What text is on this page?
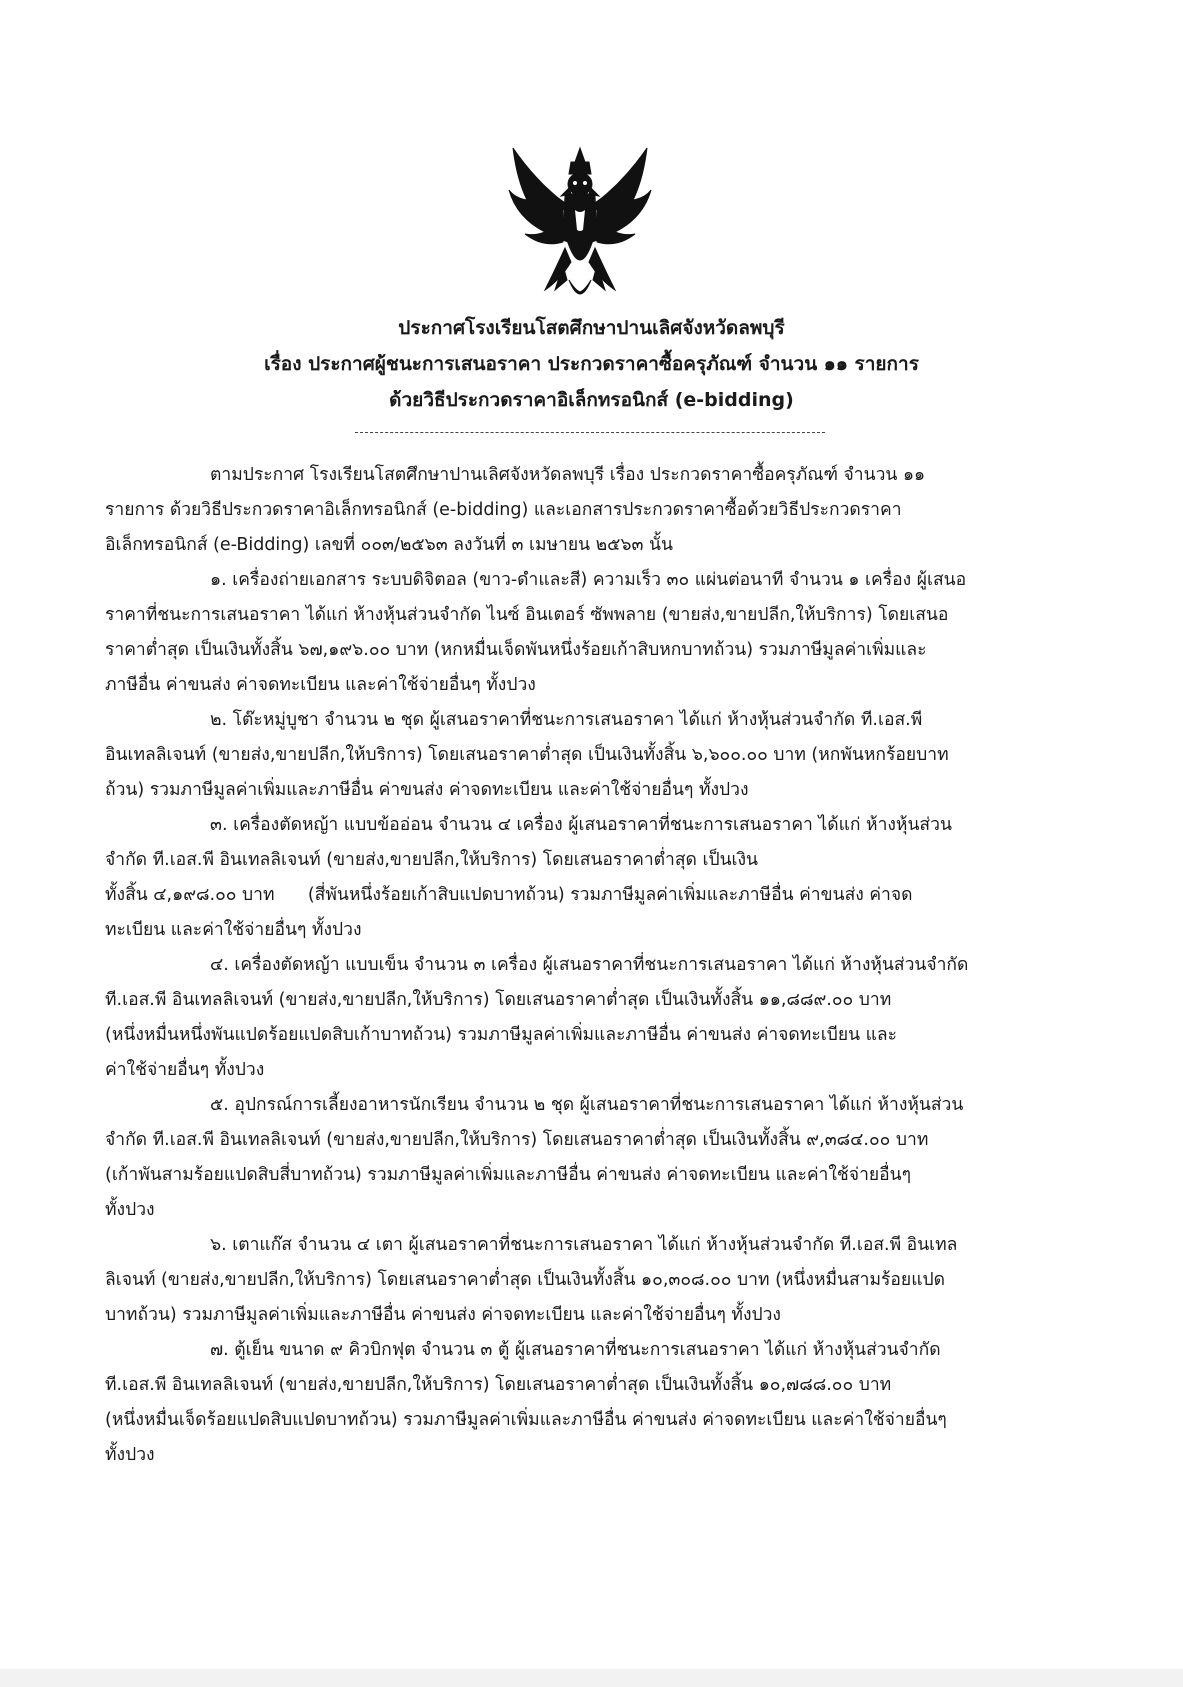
ประกาศโรงเรียนโสตศึกษาปานเลิศจังหวัดลพบุรี
เรื่อง ประกาศผู้ชนะการเสนอราคา ประกวดราคาซื้อครุภัณฑ์ จำนวน ๑๑ รายการ
ด้วยวิธีประกวดราคาอิเล็กทรอนิกส์ (e-bidding)
ตามประกาศ โรงเรียนโสตศึกษาปานเลิศจังหวัดลพบุรี เรื่อง ประกวดราคาซื้อครุภัณฑ์ จำนวน ๑๑
รายการ ด้วยวิธีประกวดราคาอิเล็กทรอนิกส์ (e-bidding) และเอกสารประกวดราคาซื้อด้วยวิธีประกวดราคา
อิเล็กทรอนิกส์ (e-Bidding) เลขที่ ๐๐๓/๒๕๖๓ ลงวันที่ ๓ เมษายน ๒๕๖๓ นั้น
๑. เครื่องถ่ายเอกสาร ระบบดิจิตอล (ขาว-ดำและสี) ความเร็ว ๓๐ แผ่นต่อนาที จำนวน ๑ เครื่อง ผู้เสนอ
ราคาที่ชนะการเสนอราคา ได้แก่ ห้างหุ้นส่วนจำกัด ไนซ์ อินเตอร์ ซัพพลาย (ขายส่ง,ขายปลีก,ให้บริการ) โดยเสนอ
ราคาต่ำสุด เป็นเงินทั้งสิ้น ๖๗,๑๙๖.๐๐ บาท (หกหมื่นเจ็ดพันหนึ่งร้อยเก้าสิบหกบาทถ้วน) รวมภาษีมูลค่าเพิ่มและ
ภาษีอื่น ค่าขนส่ง ค่าจดทะเบียน และค่าใช้จ่ายอื่นๆ ทั้งปวง
๒. โต๊ะหมู่บูชา จำนวน ๒ ชุด ผู้เสนอราคาที่ชนะการเสนอราคา ได้แก่ ห้างหุ้นส่วนจำกัด ที.เอส.พี
อินเทลลิเจนท์ (ขายส่ง,ขายปลีก,ให้บริการ) โดยเสนอราคาต่ำสุด เป็นเงินทั้งสิ้น ๖,๖๐๐.๐๐ บาท (หกพันหกร้อยบาท
ถ้วน) รวมภาษีมูลค่าเพิ่มและภาษีอื่น ค่าขนส่ง ค่าจดทะเบียน และค่าใช้จ่ายอื่นๆ ทั้งปวง
๓. เครื่องตัดหญ้า แบบข้ออ่อน จำนวน ๔ เครื่อง ผู้เสนอราคาที่ชนะการเสนอราคา ได้แก่ ห้างหุ้นส่วน
จำกัด ที.เอส.พี อินเทลลิเจนท์ (ขายส่ง,ขายปลีก,ให้บริการ) โดยเสนอราคาต่ำสุด เป็นเงิน
ทั้งสิ้น ๔,๑๙๘.๐๐ บาท      (สี่พันหนึ่งร้อยเก้าสิบแปดบาทถ้วน) รวมภาษีมูลค่าเพิ่มและภาษีอื่น ค่าขนส่ง ค่าจด
ทะเบียน และค่าใช้จ่ายอื่นๆ ทั้งปวง
๔. เครื่องตัดหญ้า แบบเข็น จำนวน ๓ เครื่อง ผู้เสนอราคาที่ชนะการเสนอราคา ได้แก่ ห้างหุ้นส่วนจำกัด
ที.เอส.พี อินเทลลิเจนท์ (ขายส่ง,ขายปลีก,ให้บริการ) โดยเสนอราคาต่ำสุด เป็นเงินทั้งสิ้น ๑๑,๘๘๙.๐๐ บาท
(หนึ่งหมื่นหนึ่งพันแปดร้อยแปดสิบเก้าบาทถ้วน) รวมภาษีมูลค่าเพิ่มและภาษีอื่น ค่าขนส่ง ค่าจดทะเบียน และ
ค่าใช้จ่ายอื่นๆ ทั้งปวง
๕. อุปกรณ์การเลี้ยงอาหารนักเรียน จำนวน ๒ ชุด ผู้เสนอราคาที่ชนะการเสนอราคา ได้แก่ ห้างหุ้นส่วน
จำกัด ที.เอส.พี อินเทลลิเจนท์ (ขายส่ง,ขายปลีก,ให้บริการ) โดยเสนอราคาต่ำสุด เป็นเงินทั้งสิ้น ๙,๓๘๔.๐๐ บาท
(เก้าพันสามร้อยแปดสิบสี่บาทถ้วน) รวมภาษีมูลค่าเพิ่มและภาษีอื่น ค่าขนส่ง ค่าจดทะเบียน และค่าใช้จ่ายอื่นๆ
ทั้งปวง
๖. เตาแก๊ส จำนวน ๔ เตา ผู้เสนอราคาที่ชนะการเสนอราคา ได้แก่ ห้างหุ้นส่วนจำกัด ที.เอส.พี อินเทล
ลิเจนท์ (ขายส่ง,ขายปลีก,ให้บริการ) โดยเสนอราคาต่ำสุด เป็นเงินทั้งสิ้น ๑๐,๓๐๘.๐๐ บาท (หนึ่งหมื่นสามร้อยแปด
บาทถ้วน) รวมภาษีมูลค่าเพิ่มและภาษีอื่น ค่าขนส่ง ค่าจดทะเบียน และค่าใช้จ่ายอื่นๆ ทั้งปวง
๗. ตู้เย็น ขนาด ๙ คิวบิกฟุต จำนวน ๓ ตู้ ผู้เสนอราคาที่ชนะการเสนอราคา ได้แก่ ห้างหุ้นส่วนจำกัด
ที.เอส.พี อินเทลลิเจนท์ (ขายส่ง,ขายปลีก,ให้บริการ) โดยเสนอราคาต่ำสุด เป็นเงินทั้งสิ้น ๑๐,๗๘๘.๐๐ บาท
(หนึ่งหมื่นเจ็ดร้อยแปดสิบแปดบาทถ้วน) รวมภาษีมูลค่าเพิ่มและภาษีอื่น ค่าขนส่ง ค่าจดทะเบียน และค่าใช้จ่ายอื่นๆ
ทั้งปวง
